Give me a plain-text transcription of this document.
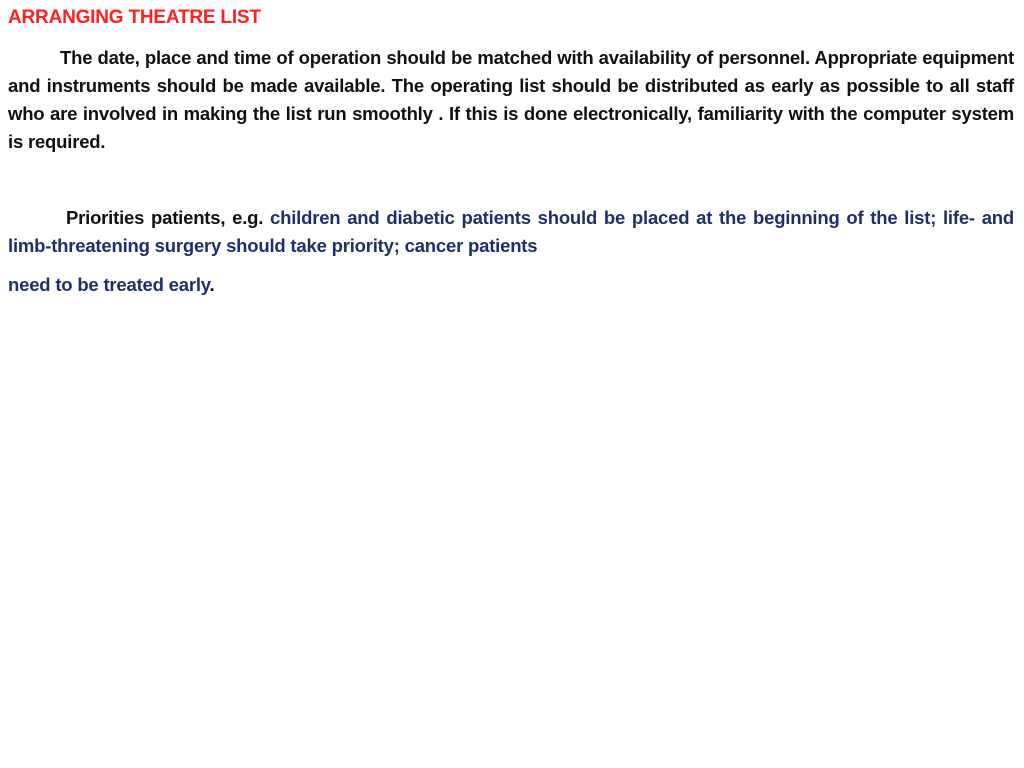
ARRANGING THEATRE LIST

The date, place and time of operation should be matched with availability of personnel. Appropriate equipment and instruments should be made available. The operating list should be distributed as early as possible to all staff who are involved in making the list run smoothly . If this is done electronically, familiarity with the computer system is required.

Priorities patients, e.g. children and diabetic patients should be placed at the beginning of the list; life- and limb-threatening surgery should take priority; cancer patients

need to be treated early.
